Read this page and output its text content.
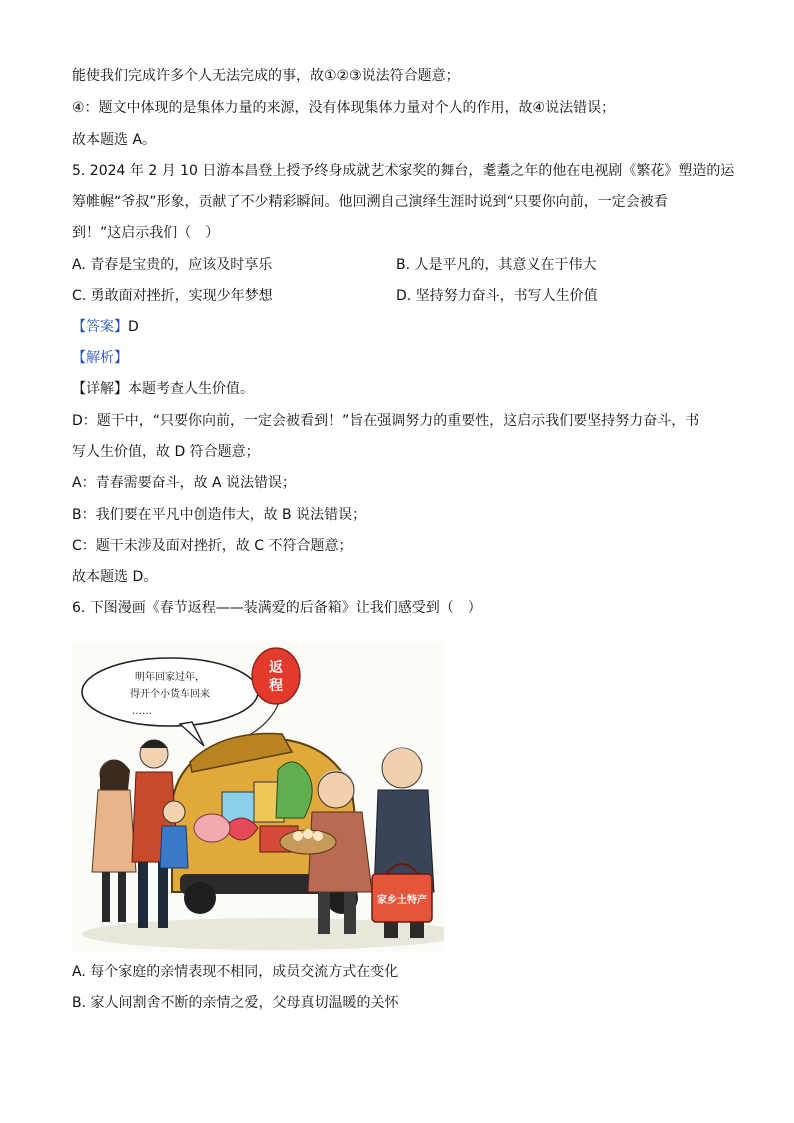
能使我们完成许多个人无法完成的事，故①②③说法符合题意；

④：题文中体现的是集体力量的来源，没有体现集体力量对个人的作用，故④说法错误；

故本题选 A。

5. 2024 年 2 月 10 日游本昌登上授予终身成就艺术家奖的舞台，耄耋之年的他在电视剧《繁花》塑造的运

筹帷幄“爷叔”形象，贡献了不少精彩瞬间。他回溯自己演绎生涯时说到“只要你向前，一定会被看

到！”这启示我们（　）

A. 青春是宝贵的，应该及时享乐	B. 人是平凡的，其意义在于伟大

C. 勇敢面对挫折，实现少年梦想	D. 坚持努力奋斗，书写人生价值

【答案】D

【解析】

【详解】本题考查人生价值。

D：题干中，“只要你向前，一定会被看到！”旨在强调努力的重要性，这启示我们要坚持努力奋斗，书

写人生价值，故 D 符合题意；

A：青春需要奋斗，故 A 说法错误；

B：我们要在平凡中创造伟大，故 B 说法错误；

C：题干未涉及面对挫折，故 C 不符合题意；

故本题选 D。

6. 下图漫画《春节返程——装满爱的后备箱》让我们感受到（　）

明年回家过年，
得开个小货车回来
……
返
程
家乡土特产

A. 每个家庭的亲情表现不相同，成员交流方式在变化

B. 家人间割舍不断的亲情之爱，父母真切温暖的关怀
